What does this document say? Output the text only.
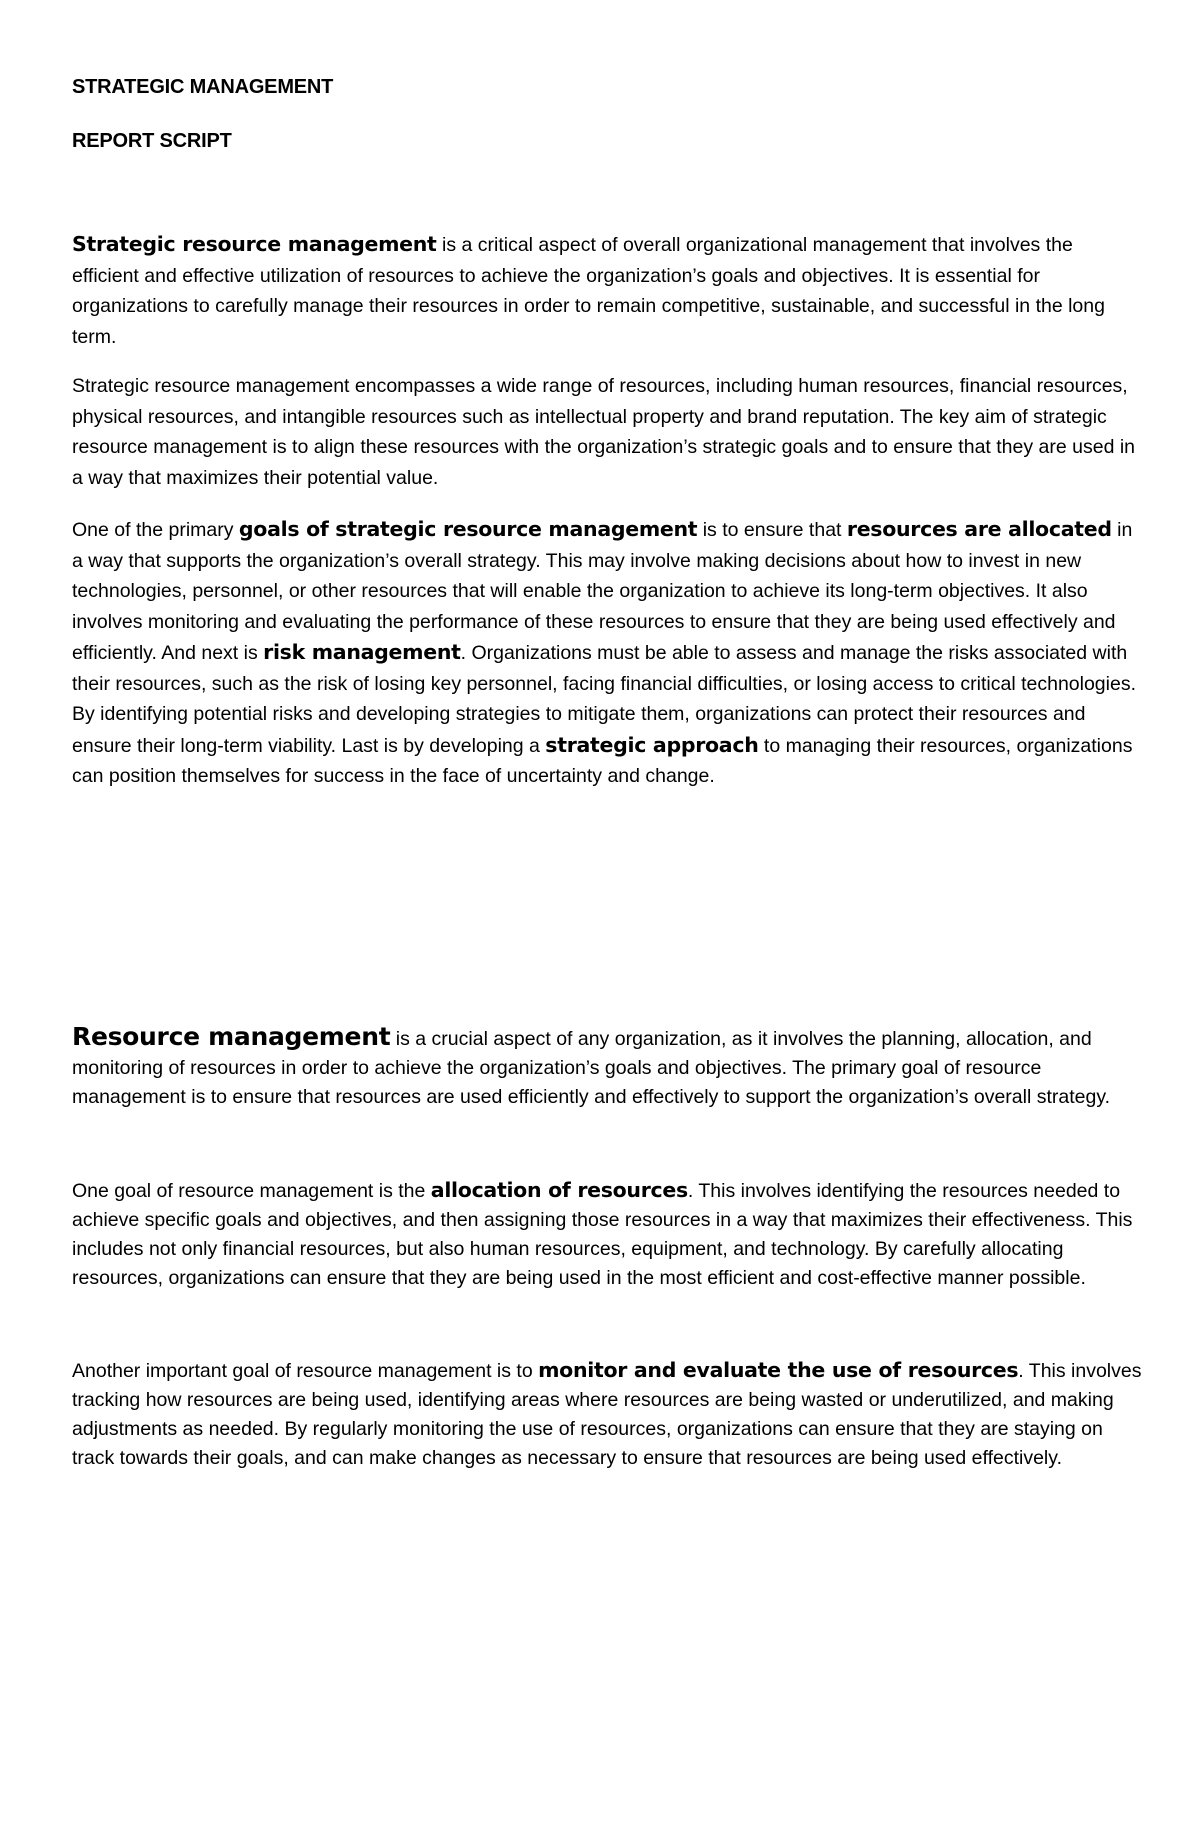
STRATEGIC MANAGEMENT
REPORT SCRIPT

Strategic resource management is a critical aspect of overall organizational management that involves the efficient and effective utilization of resources to achieve the organization’s goals and objectives. It is essential for organizations to carefully manage their resources in order to remain competitive, sustainable, and successful in the long term.

Strategic resource management encompasses a wide range of resources, including human resources, financial resources, physical resources, and intangible resources such as intellectual property and brand reputation. The key aim of strategic resource management is to align these resources with the organization’s strategic goals and to ensure that they are used in a way that maximizes their potential value.

One of the primary goals of strategic resource management is to ensure that resources are allocated in a way that supports the organization’s overall strategy. This may involve making decisions about how to invest in new technologies, personnel, or other resources that will enable the organization to achieve its long-term objectives. It also involves monitoring and evaluating the performance of these resources to ensure that they are being used effectively and efficiently. And next is risk management. Organizations must be able to assess and manage the risks associated with their resources, such as the risk of losing key personnel, facing financial difficulties, or losing access to critical technologies. By identifying potential risks and developing strategies to mitigate them, organizations can protect their resources and ensure their long-term viability. Last is by developing a strategic approach to managing their resources, organizations can position themselves for success in the face of uncertainty and change.

Resource management is a crucial aspect of any organization, as it involves the planning, allocation, and monitoring of resources in order to achieve the organization’s goals and objectives. The primary goal of resource management is to ensure that resources are used efficiently and effectively to support the organization’s overall strategy.

One goal of resource management is the allocation of resources. This involves identifying the resources needed to achieve specific goals and objectives, and then assigning those resources in a way that maximizes their effectiveness. This includes not only financial resources, but also human resources, equipment, and technology. By carefully allocating resources, organizations can ensure that they are being used in the most efficient and cost-effective manner possible.

Another important goal of resource management is to monitor and evaluate the use of resources. This involves tracking how resources are being used, identifying areas where resources are being wasted or underutilized, and making adjustments as needed. By regularly monitoring the use of resources, organizations can ensure that they are staying on track towards their goals, and can make changes as necessary to ensure that resources are being used effectively.
